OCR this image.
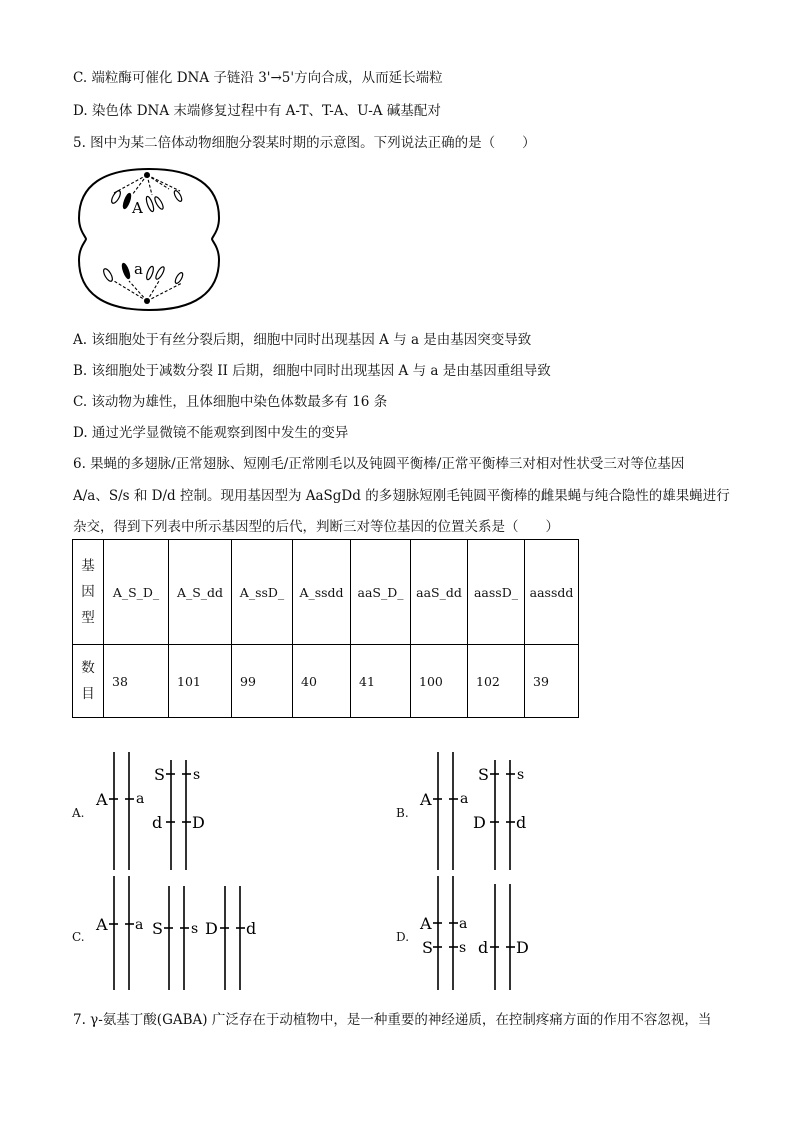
C. 端粒酶可催化 DNA 子链沿 3'→5'方向合成，从而延长端粒
D. 染色体 DNA 末端修复过程中有 A-T、T-A、U-A 碱基配对
5. 图中为某二倍体动物细胞分裂某时期的示意图。下列说法正确的是（　　）
A
a
A. 该细胞处于有丝分裂后期，细胞中同时出现基因 A 与 a 是由基因突变导致
B. 该细胞处于减数分裂 II 后期，细胞中同时出现基因 A 与 a 是由基因重组导致
C. 该动物为雄性，且体细胞中染色体数最多有 16 条
D. 通过光学显微镜不能观察到图中发生的变异
6. 果蝇的多翅脉/正常翅脉、短刚毛/正常刚毛以及钝圆平衡棒/正常平衡棒三对相对性状受三对等位基因
A/a、S/s 和 D/d 控制。现用基因型为 AaSgDd 的多翅脉短刚毛钝圆平衡棒的雌果蝇与纯合隐性的雄果蝇进行
杂交，得到下列表中所示基因型的后代，判断三对等位基因的位置关系是（　　）
基
因
型	A_S_D_	A_S_dd	A_ssD_	A_ssdd	aaS_D_	aaS_dd	aassD_	aassdd

数
目	38	101	99	40	41	100	102	39
A.
A a
S s
d D	B.
A a
S s
D d
C.
A a S s D d	D.
A a
S s d D
7. γ-氨基丁酸(GABA) 广泛存在于动植物中，是一种重要的神经递质，在控制疼痛方面的作用不容忽视，当
